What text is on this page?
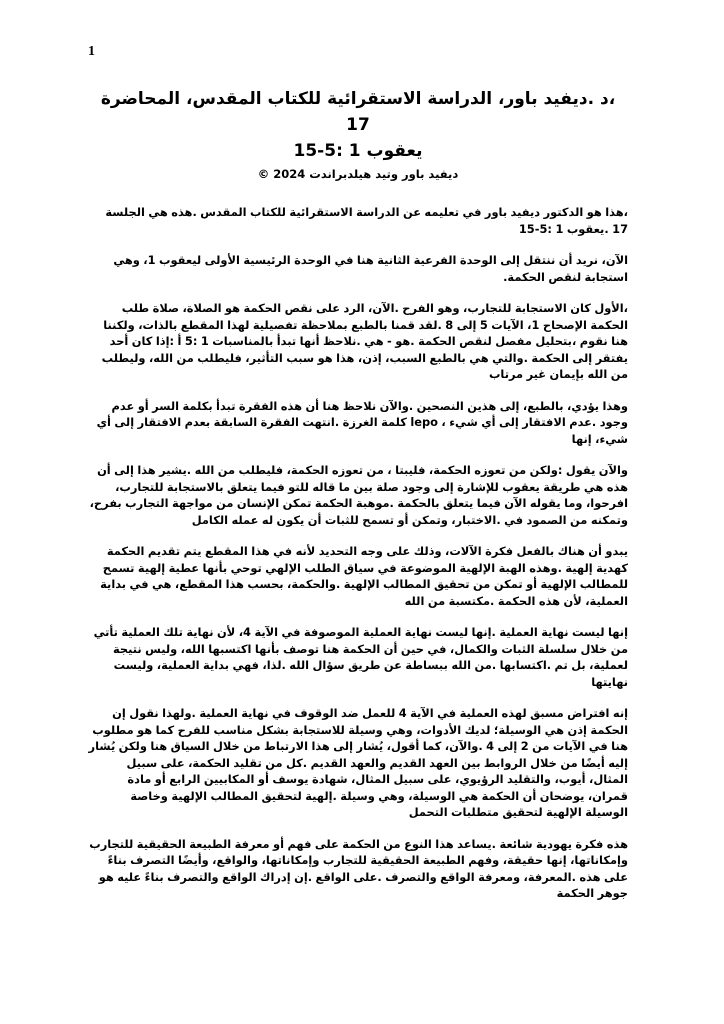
1
،د .ديفيد باور، الدراسة الاستقرائية للكتاب المقدس، المحاضرة 17
يعقوب 1 :5-15
ديفيد باور وتيد هيلدبراندت 2024 ©

،هذا هو الدكتور ديفيد باور في تعليمه عن الدراسة الاستقرائية للكتاب المقدس .هذه هي الجلسة 17 .يعقوب 1 :5-15

الآن، نريد أن ننتقل إلى الوحدة الفرعية الثانية هنا في الوحدة الرئيسية الأولى ليعقوب 1، وهي استجابة لنقص الحكمة.

،الأول كان الاستجابة للتجارب، وهو الفرح .الآن، الرد على نقص الحكمة هو الصلاة، صلاة طلب الحكمة الإصحاح 1، الآيات 5 إلى 8 .لقد قمنا بالطبع بملاحظة تفصيلية لهذا المقطع بالذات، ولكننا هنا نقوم ،بتحليل مفصل لنقص الحكمة .هو - هي .نلاحظ أنها تبدأ بالمناسبات 1 :5 أ :إذا كان أحد يفتقر إلى الحكمة .والتي هي بالطبع السبب، إذن، هذا هو سبب التأثير، فليطلب من الله، وليطلب من الله بإيمان غير مرتاب

وهذا يؤدي، بالطبع، إلى هذين النصحين .والآن نلاحظ هنا أن هذه الفقرة تبدأ بكلمة السر أو عدم وجود .عدم الافتقار إلى أي شيء ، lepo كلمة الغرزة .انتهت الفقرة السابقة بعدم الافتقار إلى أي شيء، إنها

والآن يقول :ولكن من تعوزه الحكمة، فليبتا ، من تعوزه الحكمة، فليطلب من الله .يشير هذا إلى أن هذه هي طريقة يعقوب للإشارة إلى وجود صلة بين ما قاله للتو فيما يتعلق بالاستجابة للتجارب، افرحوا، وما يقوله الآن فيما يتعلق بالحكمة .موهبة الحكمة تمكن الإنسان من مواجهة التجارب بفرح، وتمكنه من الصمود في .الاختبار، وتمكن أو تسمح للثبات أن يكون له عمله الكامل

يبدو أن هناك بالفعل فكرة الآلات، وذلك على وجه التحديد لأنه في هذا المقطع يتم تقديم الحكمة كهدية إلهية .وهذه الهبة الإلهية الموضوعة في سياق الطلب الإلهي توحي بأنها عطية إلهية تسمح للمطالب الإلهية أو تمكن من تحقيق المطالب الإلهية .والحكمة، بحسب هذا المقطع، هي في بداية العملية، لأن هذه الحكمة .مكتسبة من الله

إنها ليست نهاية العملية .إنها ليست نهاية العملية الموصوفة في الآية 4، لأن نهاية تلك العملية تأتي من خلال سلسلة الثبات والكمال، في حين أن الحكمة هنا توصف بأنها اكتسبها الله، وليس نتيجة لعملية، بل تم .اكتسابها .من الله ببساطة عن طريق سؤال الله .لذا، فهي بداية العملية، وليست نهايتها

إنه افتراض مسبق لهذه العملية في الآية 4 للعمل ضد الوقوف في نهاية العملية .ولهذا نقول إن الحكمة إذن هي الوسيلة؛ لديك الأدوات، وهي وسيلة للاستجابة بشكل مناسب للفرح كما هو مطلوب هنا في الآيات من 2 إلى 4 .والآن، كما أقول، يُشار إلى هذا الارتباط من خلال السياق هنا ولكن يُشار إليه أيضًا من خلال الروابط بين العهد القديم والعهد القديم .كل من تقليد الحكمة، على سبيل المثال، أيوب، والتقليد الرؤيوي، على سبيل المثال، شهادة يوسف أو المكابيين الرابع أو مادة قمران، يوضحان أن الحكمة هي الوسيلة، وهي وسيلة .إلهية لتحقيق المطالب الإلهية وخاصة الوسيلة الإلهية لتحقيق متطلبات التحمل

هذه فكرة يهودية شائعة .يساعد هذا النوع من الحكمة على فهم أو معرفة الطبيعة الحقيقية للتجارب وإمكاناتها، إنها حقيقة، وفهم الطبيعة الحقيقية للتجارب وإمكاناتها، والواقع، وأيضًا التصرف بناءً على هذه .المعرفة، ومعرفة الواقع والتصرف .على الواقع .إن إدراك الواقع والتصرف بناءً عليه هو جوهر الحكمة
